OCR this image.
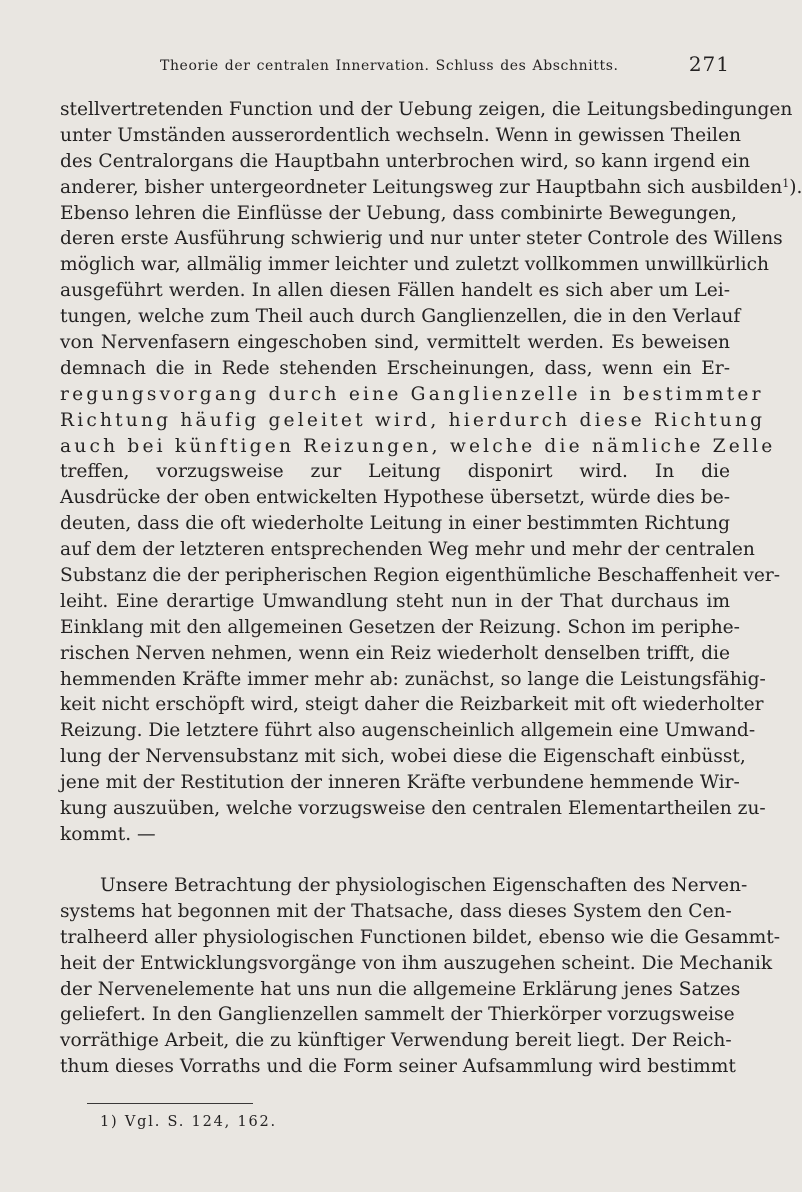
Theorie der centralen Innervation. Schluss des Abschnitts.	271
stellvertretenden Function und der Uebung zeigen, die Leitungsbedingungen
unter Umständen ausserordentlich wechseln. Wenn in gewissen Theilen
des Centralorgans die Hauptbahn unterbrochen wird, so kann irgend ein
anderer, bisher untergeordneter Leitungsweg zur Hauptbahn sich ausbilden$^1$).
Ebenso lehren die Einflüsse der Uebung, dass combinirte Bewegungen,
deren erste Ausführung schwierig und nur unter steter Controle des Willens
möglich war, allmälig immer leichter und zuletzt vollkommen unwillkürlich
ausgeführt werden. In allen diesen Fällen handelt es sich aber um Lei-
tungen, welche zum Theil auch durch Ganglienzellen, die in den Verlauf
von Nervenfasern eingeschoben sind, vermittelt werden. Es beweisen
demnach die in Rede stehenden Erscheinungen, dass, wenn ein Er-
regungsvorgang durch eine Ganglienzelle in bestimmter
Richtung häufig geleitet wird, hierdurch diese Richtung
auch bei künftigen Reizungen, welche die nämliche Zelle
treffen, vorzugsweise zur Leitung disponirt wird. In die
Ausdrücke der oben entwickelten Hypothese übersetzt, würde dies be-
deuten, dass die oft wiederholte Leitung in einer bestimmten Richtung
auf dem der letzteren entsprechenden Weg mehr und mehr der centralen
Substanz die der peripherischen Region eigenthümliche Beschaffenheit ver-
leiht. Eine derartige Umwandlung steht nun in der That durchaus im
Einklang mit den allgemeinen Gesetzen der Reizung. Schon im periphe-
rischen Nerven nehmen, wenn ein Reiz wiederholt denselben trifft, die
hemmenden Kräfte immer mehr ab: zunächst, so lange die Leistungsfähig-
keit nicht erschöpft wird, steigt daher die Reizbarkeit mit oft wiederholter
Reizung. Die letztere führt also augenscheinlich allgemein eine Umwand-
lung der Nervensubstanz mit sich, wobei diese die Eigenschaft einbüsst,
jene mit der Restitution der inneren Kräfte verbundene hemmende Wir-
kung auszuüben, welche vorzugsweise den centralen Elementartheilen zu-
kommt. —
Unsere Betrachtung der physiologischen Eigenschaften des Nerven-
systems hat begonnen mit der Thatsache, dass dieses System den Cen-
tralheerd aller physiologischen Functionen bildet, ebenso wie die Gesammt-
heit der Entwicklungsvorgänge von ihm auszugehen scheint. Die Mechanik
der Nervenelemente hat uns nun die allgemeine Erklärung jenes Satzes
geliefert. In den Ganglienzellen sammelt der Thierkörper vorzugsweise
vorräthige Arbeit, die zu künftiger Verwendung bereit liegt. Der Reich-
thum dieses Vorraths und die Form seiner Aufsammlung wird bestimmt
1) Vgl. S. 124, 162.
